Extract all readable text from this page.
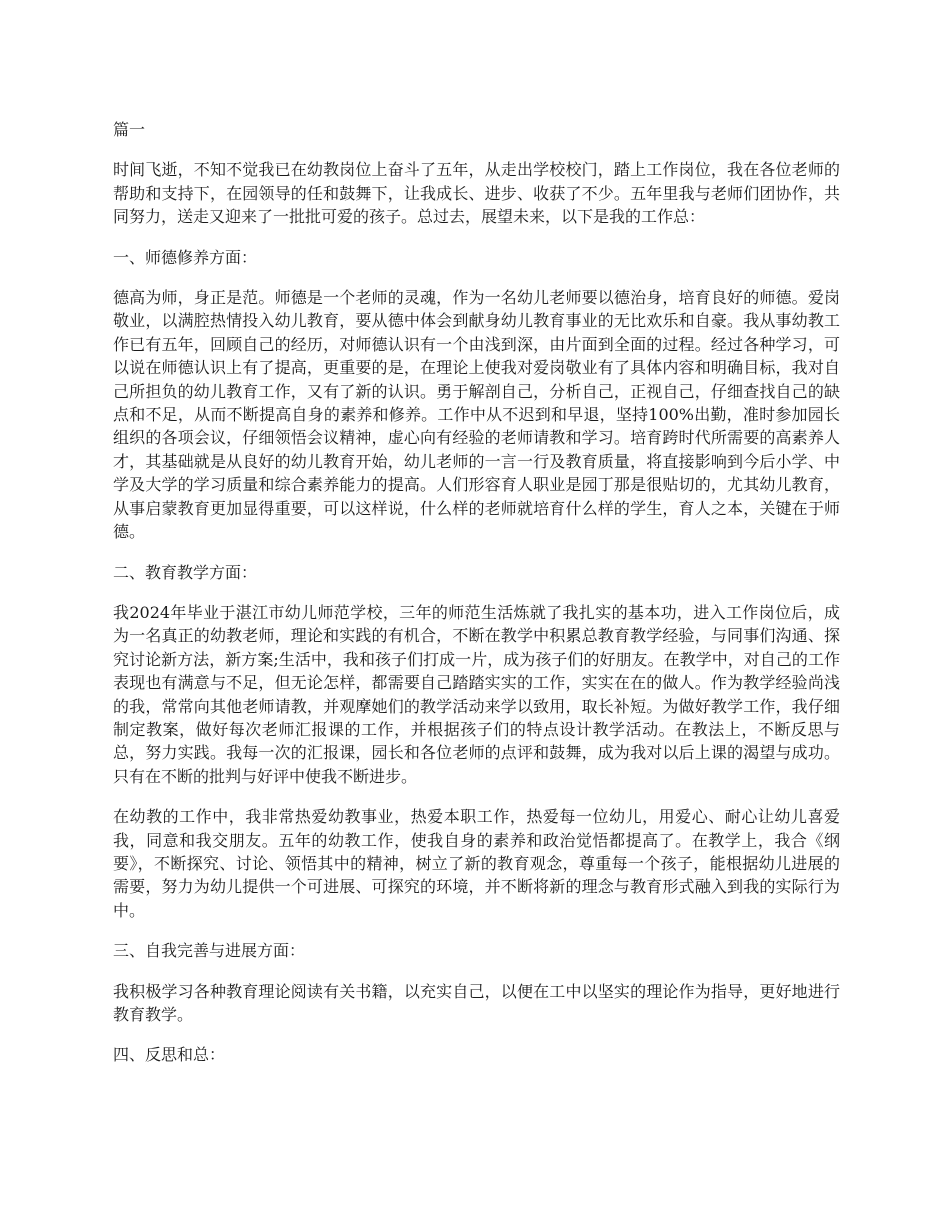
篇一

时间飞逝，不知不觉我已在幼教岗位上奋斗了五年，从走出学校校门，踏上工作岗位，我在各位老师的帮助和支持下，在园领导的任和鼓舞下，让我成长、进步、收获了不少。五年里我与老师们团协作，共同努力，送走又迎来了一批批可爱的孩子。总过去，展望未来，以下是我的工作总：

一、师德修养方面：

德高为师，身正是范。师德是一个老师的灵魂，作为一名幼儿老师要以德治身，培育良好的师德。爱岗敬业，以满腔热情投入幼儿教育，要从德中体会到献身幼儿教育事业的无比欢乐和自豪。我从事幼教工作已有五年，回顾自己的经历，对师德认识有一个由浅到深，由片面到全面的过程。经过各种学习，可以说在师德认识上有了提高，更重要的是，在理论上使我对爱岗敬业有了具体内容和明确目标，我对自己所担负的幼儿教育工作，又有了新的认识。勇于解剖自己，分析自己，正视自己，仔细查找自己的缺点和不足，从而不断提高自身的素养和修养。工作中从不迟到和早退，坚持100%出勤，准时参加园长组织的各项会议，仔细领悟会议精神，虚心向有经验的老师请教和学习。培育跨时代所需要的高素养人才，其基础就是从良好的幼儿教育开始，幼儿老师的一言一行及教育质量，将直接影响到今后小学、中学及大学的学习质量和综合素养能力的提高。人们形容育人职业是园丁那是很贴切的，尤其幼儿教育，从事启蒙教育更加显得重要，可以这样说，什么样的老师就培育什么样的学生，育人之本，关键在于师德。

二、教育教学方面：

我2024年毕业于湛江市幼儿师范学校，三年的师范生活炼就了我扎实的基本功，进入工作岗位后，成为一名真正的幼教老师，理论和实践的有机合，不断在教学中积累总教育教学经验，与同事们沟通、探究讨论新方法，新方案;生活中，我和孩子们打成一片，成为孩子们的好朋友。在教学中，对自己的工作表现也有满意与不足，但无论怎样，都需要自己踏踏实实的工作，实实在在的做人。作为教学经验尚浅的我，常常向其他老师请教，并观摩她们的教学活动来学以致用，取长补短。为做好教学工作，我仔细制定教案，做好每次老师汇报课的工作，并根据孩子们的特点设计教学活动。在教法上，不断反思与总，努力实践。我每一次的汇报课，园长和各位老师的点评和鼓舞，成为我对以后上课的渴望与成功。只有在不断的批判与好评中使我不断进步。

在幼教的工作中，我非常热爱幼教事业，热爱本职工作，热爱每一位幼儿，用爱心、耐心让幼儿喜爱我，同意和我交朋友。五年的幼教工作，使我自身的素养和政治觉悟都提高了。在教学上，我合《纲要》，不断探究、讨论、领悟其中的精神，树立了新的教育观念，尊重每一个孩子，能根据幼儿进展的需要，努力为幼儿提供一个可进展、可探究的环境，并不断将新的理念与教育形式融入到我的实际行为中。

三、自我完善与进展方面：

我积极学习各种教育理论阅读有关书籍，以充实自己，以便在工中以坚实的理论作为指导，更好地进行教育教学。

四、反思和总：
